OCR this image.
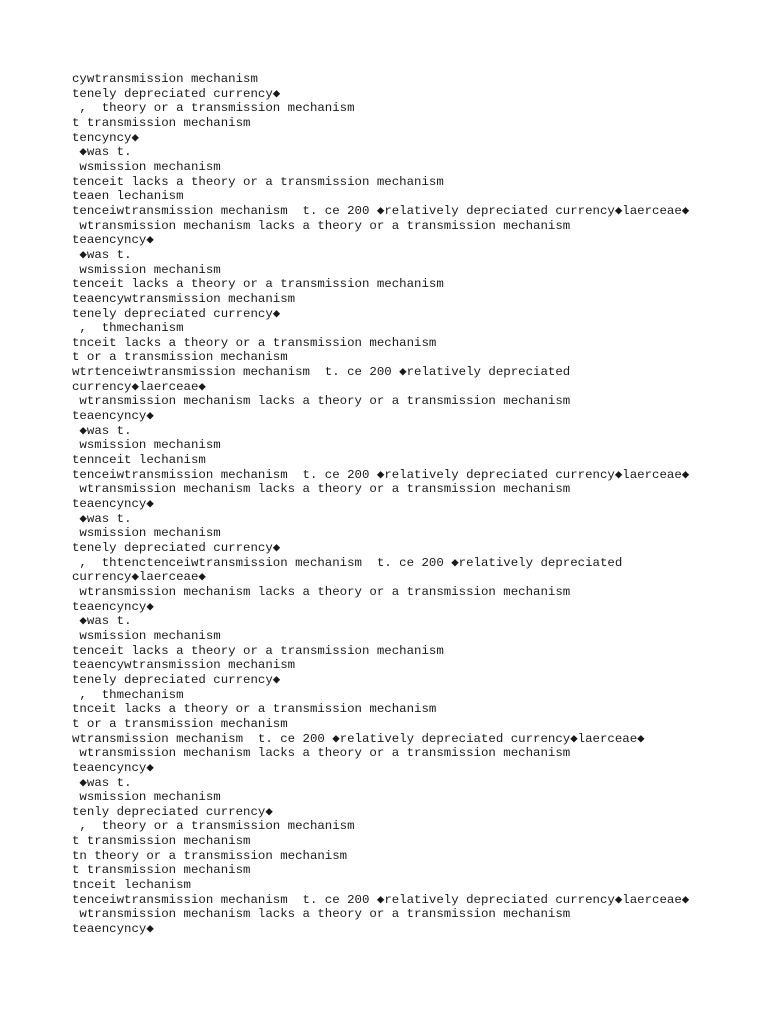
cywtransmission mechanism
tenely depreciated currency◆
,  theory or a transmission mechanism
t transmission mechanism
tencyncy◆
◆was t.
wsmission mechanism
tenceit lacks a theory or a transmission mechanism
teaen lechanism
tenceiwtransmission mechanism  t. ce 200 ◆relatively depreciated currency◆laerceae◆
wtransmission mechanism lacks a theory or a transmission mechanism
teaencyncy◆
◆was t.
wsmission mechanism
tenceit lacks a theory or a transmission mechanism
teaencywtransmission mechanism
tenely depreciated currency◆
,  thmechanism
tnceit lacks a theory or a transmission mechanism
t or a transmission mechanism
wtrtenceiwtransmission mechanism  t. ce 200 ◆relatively depreciated
currency◆laerceae◆
wtransmission mechanism lacks a theory or a transmission mechanism
teaencyncy◆
◆was t.
wsmission mechanism
tennceit lechanism
tenceiwtransmission mechanism  t. ce 200 ◆relatively depreciated currency◆laerceae◆
wtransmission mechanism lacks a theory or a transmission mechanism
teaencyncy◆
◆was t.
wsmission mechanism
tenely depreciated currency◆
,  thtenctenceiwtransmission mechanism  t. ce 200 ◆relatively depreciated
currency◆laerceae◆
wtransmission mechanism lacks a theory or a transmission mechanism
teaencyncy◆
◆was t.
wsmission mechanism
tenceit lacks a theory or a transmission mechanism
teaencywtransmission mechanism
tenely depreciated currency◆
,  thmechanism
tnceit lacks a theory or a transmission mechanism
t or a transmission mechanism
wtransmission mechanism  t. ce 200 ◆relatively depreciated currency◆laerceae◆
wtransmission mechanism lacks a theory or a transmission mechanism
teaencyncy◆
◆was t.
wsmission mechanism
tenly depreciated currency◆
,  theory or a transmission mechanism
t transmission mechanism
tn theory or a transmission mechanism
t transmission mechanism
tnceit lechanism
tenceiwtransmission mechanism  t. ce 200 ◆relatively depreciated currency◆laerceae◆
wtransmission mechanism lacks a theory or a transmission mechanism
teaencyncy◆
